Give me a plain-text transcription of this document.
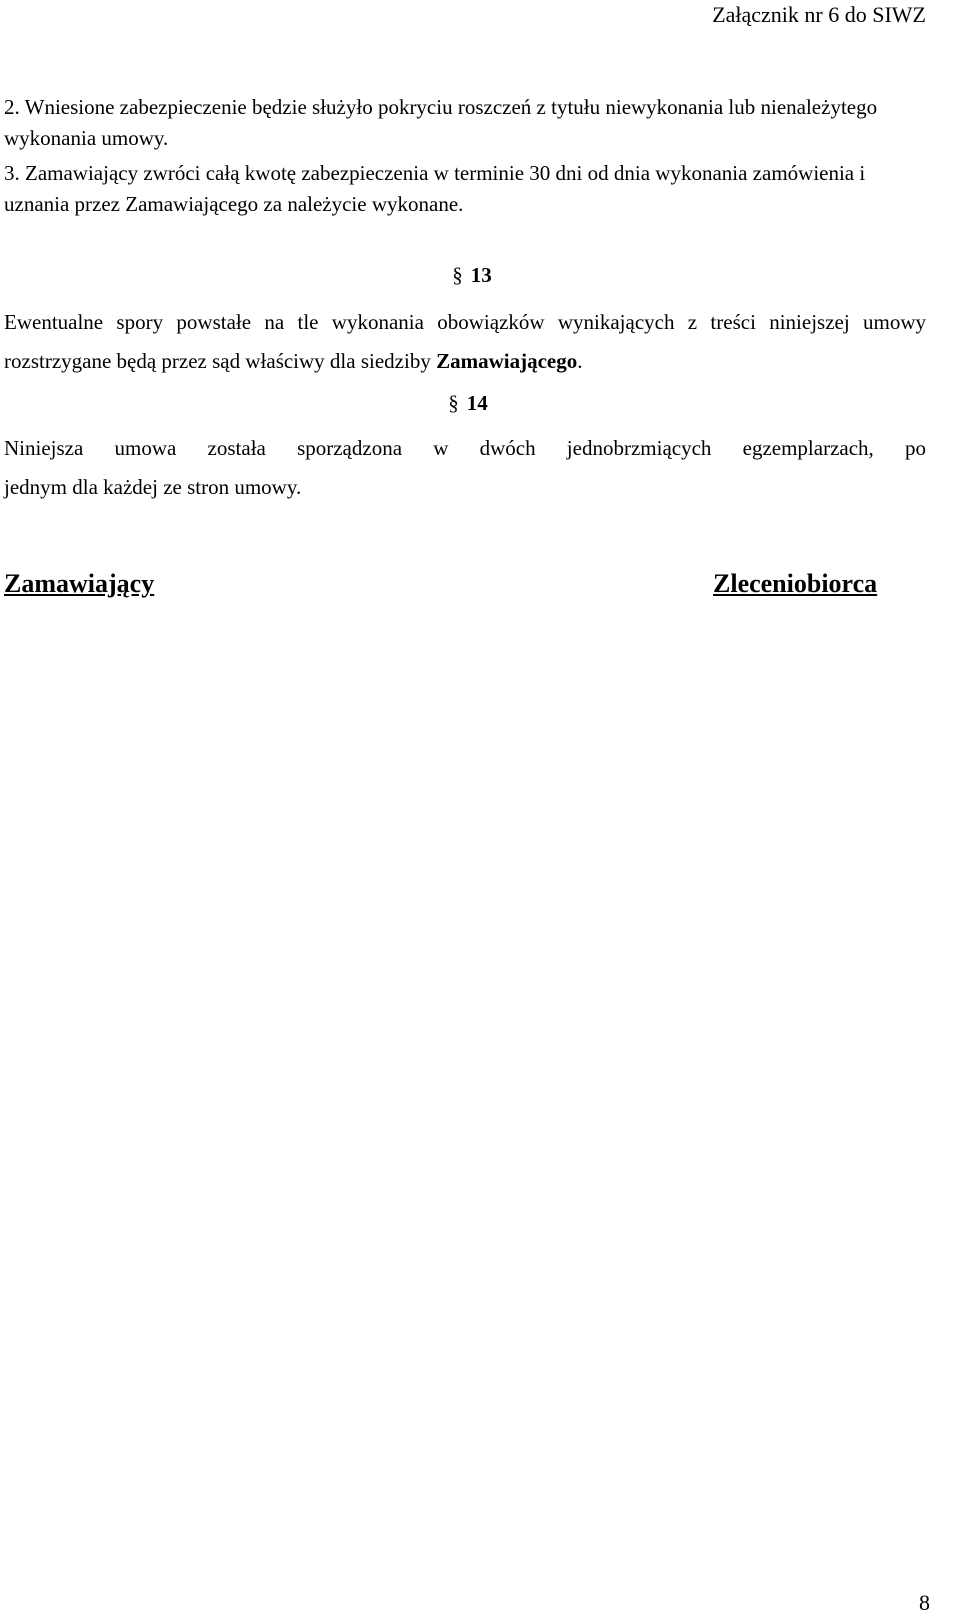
Załącznik nr 6 do SIWZ

2. Wniesione zabezpieczenie będzie służyło pokryciu roszczeń z tytułu niewykonania lub nienależytego wykonania umowy.

3. Zamawiający zwróci całą kwotę zabezpieczenia w terminie 30 dni od dnia wykonania zamówienia i uznania przez Zamawiającego za należycie wykonane.

§ 13

Ewentualne spory powstałe na tle wykonania obowiązków wynikających z treści niniejszej umowy rozstrzygane będą przez sąd właściwy dla siedziby Zamawiającego.

§ 14

Niniejsza umowa została sporządzona w dwóch jednobrzmiących egzemplarzach, po
jednym dla każdej ze stron umowy.

Zamawiający	Zleceniobiorca
8
